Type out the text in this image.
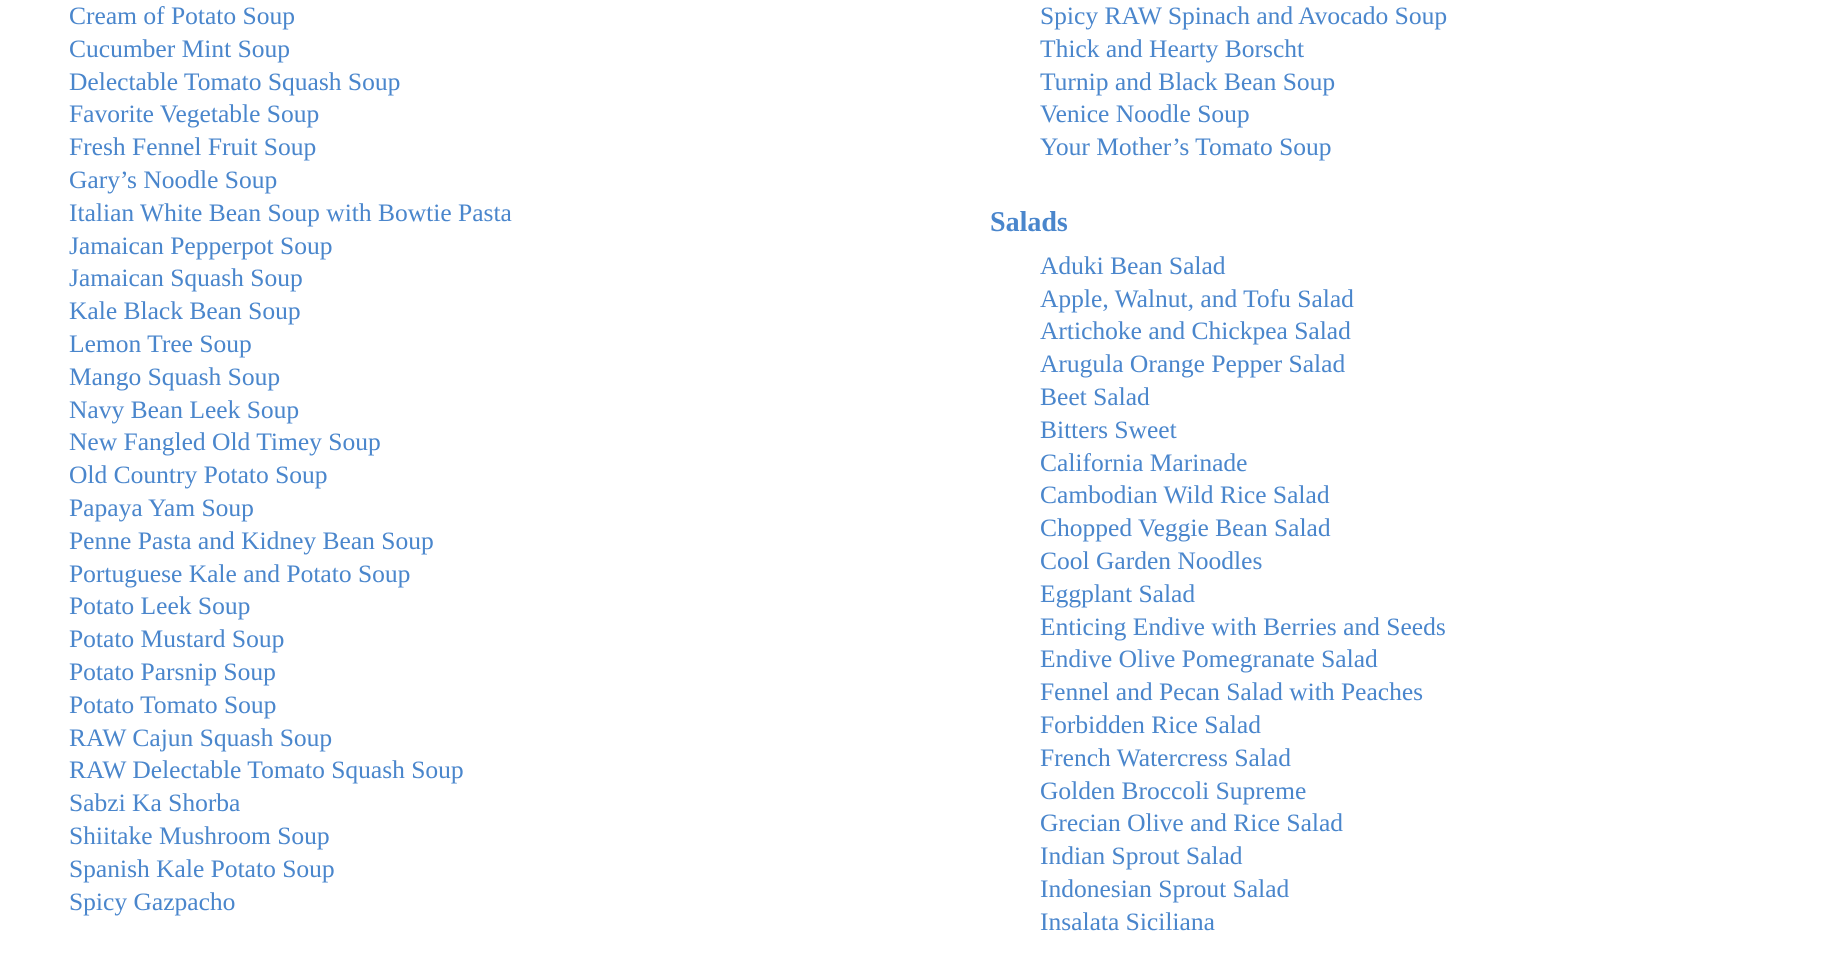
Cream of Potato Soup
Cucumber Mint Soup
Delectable Tomato Squash Soup
Favorite Vegetable Soup
Fresh Fennel Fruit Soup
Gary’s Noodle Soup
Italian White Bean Soup with Bowtie Pasta
Jamaican Pepperpot Soup
Jamaican Squash Soup
Kale Black Bean Soup
Lemon Tree Soup
Mango Squash Soup
Navy Bean Leek Soup
New Fangled Old Timey Soup
Old Country Potato Soup
Papaya Yam Soup
Penne Pasta and Kidney Bean Soup
Portuguese Kale and Potato Soup
Potato Leek Soup
Potato Mustard Soup
Potato Parsnip Soup
Potato Tomato Soup
RAW Cajun Squash Soup
RAW Delectable Tomato Squash Soup
Sabzi Ka Shorba
Shiitake Mushroom Soup
Spanish Kale Potato Soup
Spicy Gazpacho
Spicy RAW Spinach and Avocado Soup
Thick and Hearty Borscht
Turnip and Black Bean Soup
Venice Noodle Soup
Your Mother’s Tomato Soup
Salads
Aduki Bean Salad
Apple, Walnut, and Tofu Salad
Artichoke and Chickpea Salad
Arugula Orange Pepper Salad
Beet Salad
Bitters Sweet
California Marinade
Cambodian Wild Rice Salad
Chopped Veggie Bean Salad
Cool Garden Noodles
Eggplant Salad
Enticing Endive with Berries and Seeds
Endive Olive Pomegranate Salad
Fennel and Pecan Salad with Peaches
Forbidden Rice Salad
French Watercress Salad
Golden Broccoli Supreme
Grecian Olive and Rice Salad
Indian Sprout Salad
Indonesian Sprout Salad
Insalata Siciliana
